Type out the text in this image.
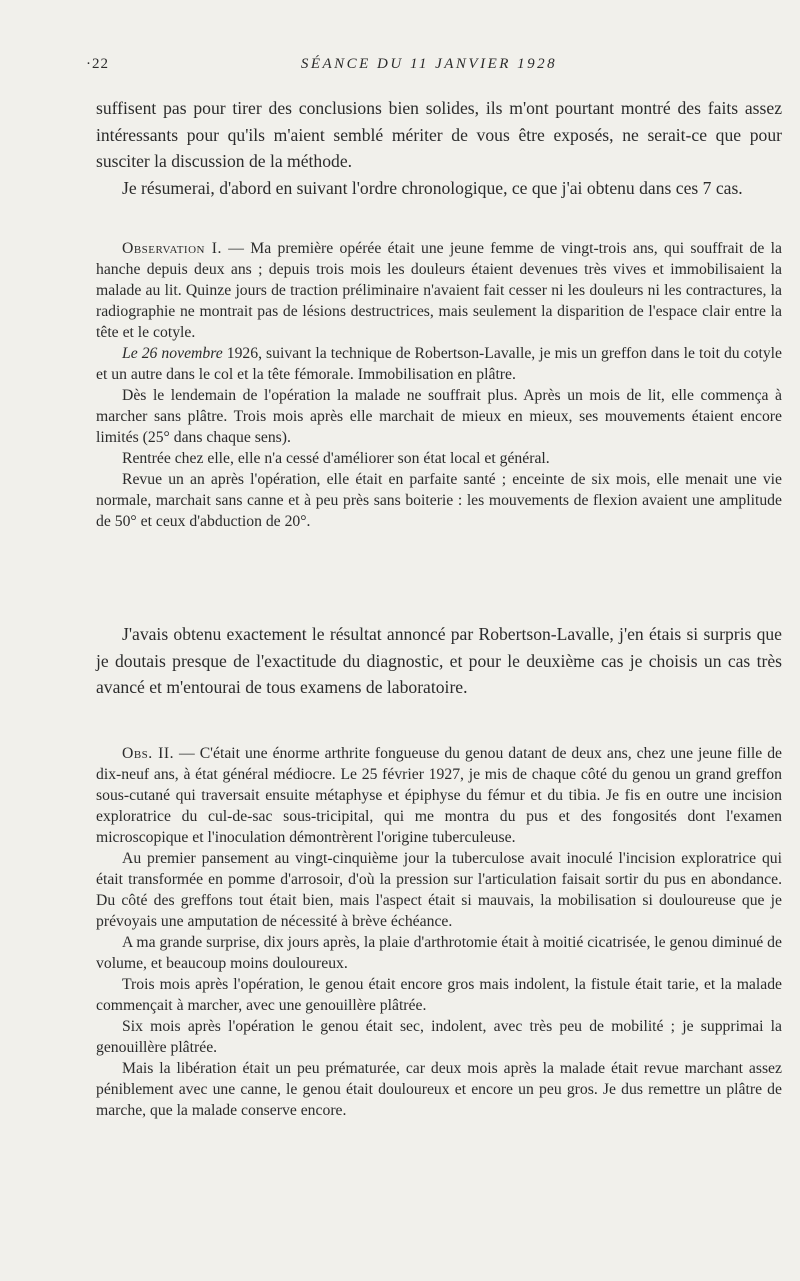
·22	SÉANCE DU 11 JANVIER 1928

suffisent pas pour tirer des conclusions bien solides, ils m'ont pourtant montré des faits assez intéressants pour qu'ils m'aient semblé mériter de vous être exposés, ne serait-ce que pour susciter la discussion de la méthode.

Je résumerai, d'abord en suivant l'ordre chronologique, ce que j'ai obtenu dans ces 7 cas.

Observation I. — Ma première opérée était une jeune femme de vingt-trois ans, qui souffrait de la hanche depuis deux ans ; depuis trois mois les douleurs étaient devenues très vives et immobilisaient la malade au lit. Quinze jours de traction préliminaire n'avaient fait cesser ni les douleurs ni les contractures, la radiographie ne montrait pas de lésions destructrices, mais seulement la disparition de l'espace clair entre la tête et le cotyle.

Le 26 novembre 1926, suivant la technique de Robertson-Lavalle, je mis un greffon dans le toit du cotyle et un autre dans le col et la tête fémorale. Immobilisation en plâtre.

Dès le lendemain de l'opération la malade ne souffrait plus. Après un mois de lit, elle commença à marcher sans plâtre. Trois mois après elle marchait de mieux en mieux, ses mouvements étaient encore limités (25° dans chaque sens).

Rentrée chez elle, elle n'a cessé d'améliorer son état local et général.

Revue un an après l'opération, elle était en parfaite santé ; enceinte de six mois, elle menait une vie normale, marchait sans canne et à peu près sans boiterie : les mouvements de flexion avaient une amplitude de 50° et ceux d'abduction de 20°.

J'avais obtenu exactement le résultat annoncé par Robertson-Lavalle, j'en étais si surpris que je doutais presque de l'exactitude du diagnostic, et pour le deuxième cas je choisis un cas très avancé et m'entourai de tous examens de laboratoire.

Obs. II. — C'était une énorme arthrite fongueuse du genou datant de deux ans, chez une jeune fille de dix-neuf ans, à état général médiocre. Le 25 février 1927, je mis de chaque côté du genou un grand greffon sous-cutané qui traversait ensuite métaphyse et épiphyse du fémur et du tibia. Je fis en outre une incision exploratrice du cul-de-sac sous-tricipital, qui me montra du pus et des fongosités dont l'examen microscopique et l'inoculation démontrèrent l'origine tuberculeuse.

Au premier pansement au vingt-cinquième jour la tuberculose avait inoculé l'incision exploratrice qui était transformée en pomme d'arrosoir, d'où la pression sur l'articulation faisait sortir du pus en abondance. Du côté des greffons tout était bien, mais l'aspect était si mauvais, la mobilisation si douloureuse que je prévoyais une amputation de nécessité à brève échéance.

A ma grande surprise, dix jours après, la plaie d'arthrotomie était à moitié cicatrisée, le genou diminué de volume, et beaucoup moins douloureux.

Trois mois après l'opération, le genou était encore gros mais indolent, la fistule était tarie, et la malade commençait à marcher, avec une genouillère plâtrée.

Six mois après l'opération le genou était sec, indolent, avec très peu de mobilité ; je supprimai la genouillère plâtrée.

Mais la libération était un peu prématurée, car deux mois après la malade était revue marchant assez péniblement avec une canne, le genou était douloureux et encore un peu gros. Je dus remettre un plâtre de marche, que la malade conserve encore.
